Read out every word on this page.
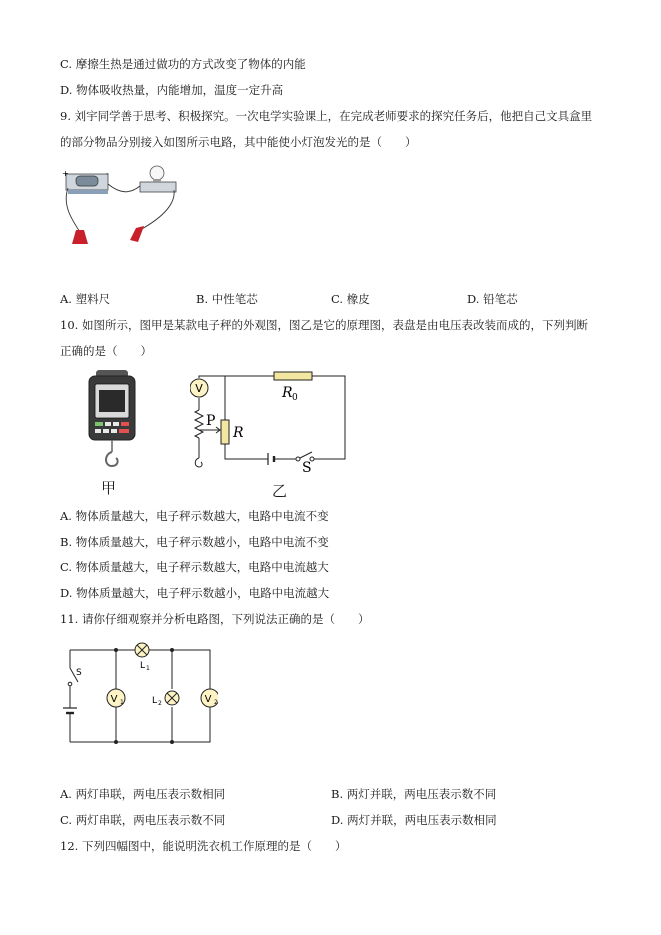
C. 摩擦生热是通过做功的方式改变了物体的内能
D. 物体吸收热量，内能增加，温度一定升高
9. 刘宇同学善于思考、积极探究。一次电学实验课上，在完成老师要求的探究任务后，他把自己文具盒里
的部分物品分别接入如图所示电路，其中能使小灯泡发光的是（　　）
+	-
A. 塑料尺	B. 中性笔芯	C. 橡皮	D. 铅笔芯
10. 如图所示，图甲是某款电子秤的外观图，图乙是它的原理图，表盘是由电压表改装而成的，下列判断
正确的是（　　）
甲
V	R 0
R
P
S
乙
A. 物体质量越大，电子秤示数越大，电路中电流不变
B. 物体质量越大，电子秤示数越小，电路中电流不变
C. 物体质量越大，电子秤示数越大，电路中电流越大
D. 物体质量越大，电子秤示数越小，电路中电流越大
11. 请你仔细观察并分析电路图，下列说法正确的是（　　）
V 1	V 2
S
L 1
L 2
A. 两灯串联，两电压表示数相同	B. 两灯并联，两电压表示数不同
C. 两灯串联，两电压表示数不同	D. 两灯并联，两电压表示数相同
12. 下列四幅图中，能说明洗衣机工作原理的是（　　）
